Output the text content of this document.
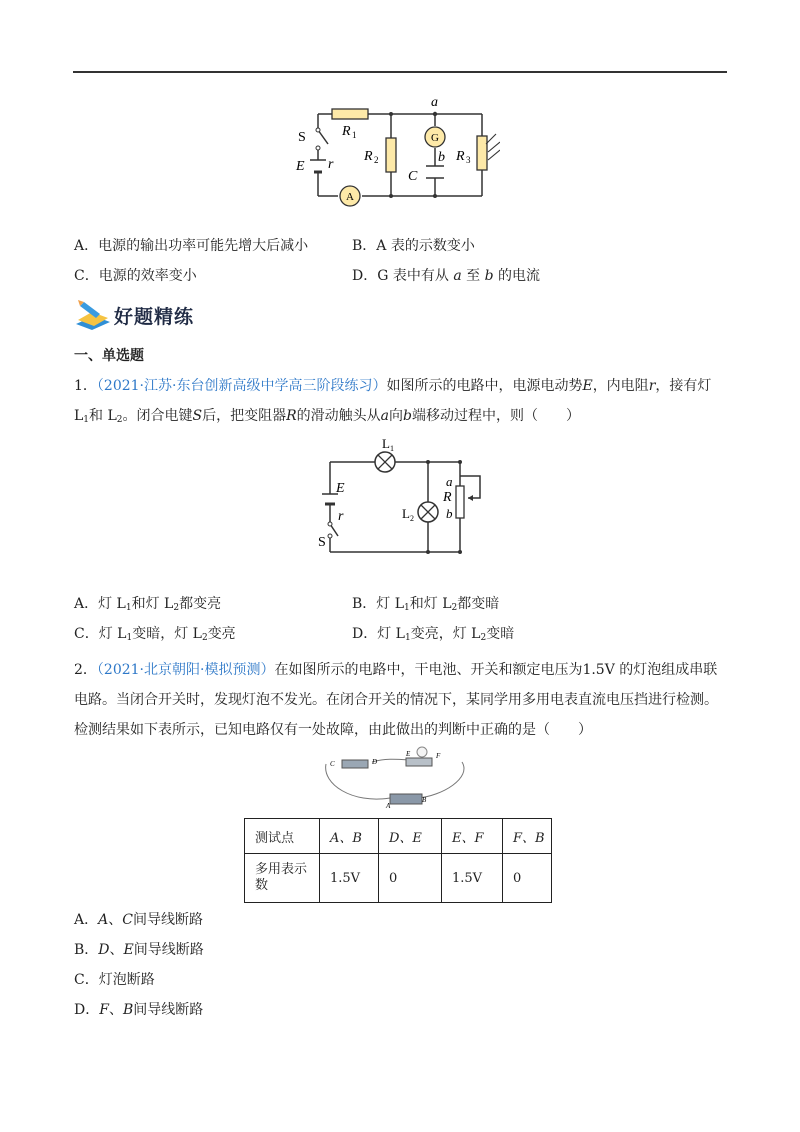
a
S	R 1
E r
R 2
G
b
C
R 3
A
A．电源的输出功率可能先增大后减小	B．A 表的示数变小
C．电源的效率变小	D．G 表中有从 a 至 b 的电流
好题精练
一、单选题
1．（2021·江苏·东台创新高级中学高三阶段练习）如图所示的电路中，电源电动势E，内电阻r，接有灯
$L_1$和 $L_2$。闭合电键S后，把变阻器R的滑动触头从a向b端移动过程中，则（　　）
L 1
E
r
S
L 2
a
R
b
A．灯 $L_1$和灯 $L_2$都变亮	B．灯 $L_1$和灯 $L_2$都变暗
C．灯 $L_1$变暗，灯 $L_2$变亮	D．灯 $L_1$变亮，灯 $L_2$变暗
2．（2021·北京朝阳·模拟预测）在如图所示的电路中，干电池、开关和额定电压为1.5V 的灯泡组成串联
电路。当闭合开关时，发现灯泡不发光。在闭合开关的情况下，某同学用多用电表直流电压挡进行检测。
检测结果如下表所示，已知电路仅有一处故障，由此做出的判断中正确的是（　　）
C	D
E	F
A
B
测试点	A、B	D、E	E、F	F、B
多用表示数	1.5V	0	1.5V	0
A．A、C间导线断路
B．D、E间导线断路
C．灯泡断路
D．F、B间导线断路
